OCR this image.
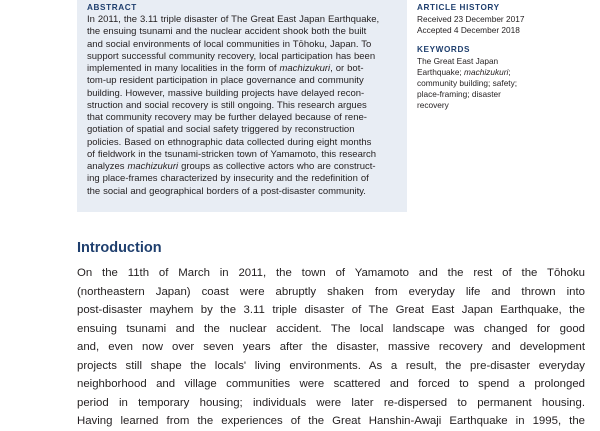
ABSTRACT
In 2011, the 3.11 triple disaster of The Great East Japan Earthquake,
the ensuing tsunami and the nuclear accident shook both the built
and social environments of local communities in Tōhoku, Japan. To
support successful community recovery, local participation has been
implemented in many localities in the form of machizukuri, or bot-
tom-up resident participation in place governance and community
building. However, massive building projects have delayed recon-
struction and social recovery is still ongoing. This research argues
that community recovery may be further delayed because of rene-
gotiation of spatial and social safety triggered by reconstruction
policies. Based on ethnographic data collected during eight months
of fieldwork in the tsunami-stricken town of Yamamoto, this research
analyzes machizukuri groups as collective actors who are construct-
ing place-frames characterized by insecurity and the redefinition of
the social and geographical borders of a post-disaster community.
ARTICLE HISTORY
Received 23 December 2017
Accepted 4 December 2018
KEYWORDS
The Great East Japan
Earthquake; machizukuri;
community building; safety;
place-framing; disaster
recovery
Introduction
On the 11th of March in 2011, the town of Yamamoto and the rest of the Tōhoku
(northeastern Japan) coast were abruptly shaken from everyday life and thrown into
post-disaster mayhem by the 3.11 triple disaster of The Great East Japan Earthquake, the
ensuing tsunami and the nuclear accident. The local landscape was changed for good
and, even now over seven years after the disaster, massive recovery and development
projects still shape the locals' living environments. As a result, the pre-disaster everyday
neighborhood and village communities were scattered and forced to spend a prolonged
period in temporary housing; individuals were later re-dispersed to permanent housing.
Having learned from the experiences of the Great Hanshin-Awaji Earthquake in 1995, the
